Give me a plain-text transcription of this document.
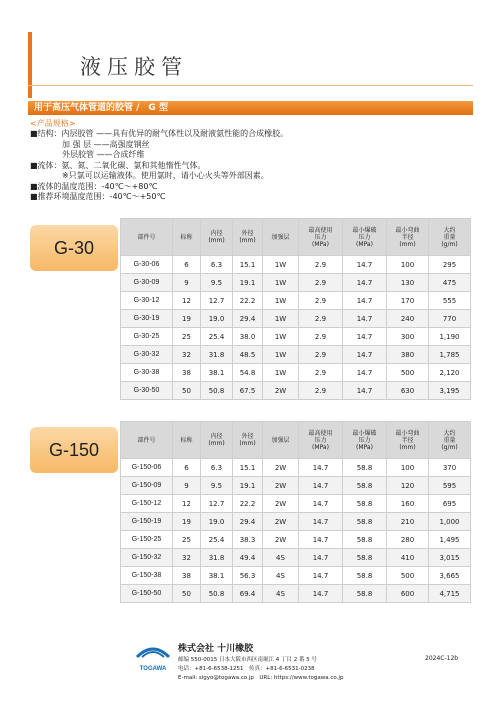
液压胶管
用于高压气体管道的胶管 /　G 型
<产品规格>
■结构：内层胶管 ——具有优异的耐气体性以及耐液氨性能的合成橡胶。
　　　　加 强 层 ——高强度钢丝
　　　　外层胶管 ——合成纤维
■流体：氨、氮、二氧化碳、氯和其他惰性气体。
　　　　※只氯可以运输液体。使用氯时，请小心火头等外部因素。
■流体的温度范围：-40℃～+80℃
■推荐环境温度范围：-40℃～+50℃
G-30
部件号	标称	内径
(mm)	外径
(mm)	加强层	最高使用
压力
(MPa)	最小爆破
压力
(MPa)	最小弯曲
半径
(mm)	大约
重量
(g/m)
G-30-06	6	6.3	15.1	1W	2.9	14.7	100	295
G-30-09	9	9.5	19.1	1W	2.9	14.7	130	475
G-30-12	12	12.7	22.2	1W	2.9	14.7	170	555
G-30-19	19	19.0	29.4	1W	2.9	14.7	240	770
G-30-25	25	25.4	38.0	1W	2.9	14.7	300	1,190
G-30-32	32	31.8	48.5	1W	2.9	14.7	380	1,785
G-30-38	38	38.1	54.8	1W	2.9	14.7	500	2,120
G-30-50	50	50.8	67.5	2W	2.9	14.7	630	3,195
G-150	部件号	标称	内径
(mm)	外径
(mm)	加强层	最高使用
压力
(MPa)	最小爆破
压力
(MPa)	最小弯曲
半径
(mm)	大约
重量
(g/m)
G-150-06	6	6.3	15.1	2W	14.7	58.8	100	370
G-150-09	9	9.5	19.1	2W	14.7	58.8	120	595
G-150-12	12	12.7	22.2	2W	14.7	58.8	160	695
G-150-19	19	19.0	29.4	2W	14.7	58.8	210	1,000
G-150-25	25	25.4	38.3	2W	14.7	58.8	280	1,495
G-150-32	32	31.8	49.4	4S	14.7	58.8	410	3,015
G-150-38	38	38.1	56.3	4S	14.7	58.8	500	3,665
G-150-50	50	50.8	69.4	4S	14.7	58.8	600	4,715
TOGAWA
株式会社 十川橡胶
邮编 550-0015 日本大阪市西区南堀江 4 丁目 2 番 5 号
电话：+81-6-6538-1251　传真：+81-6-6531-0238
E-mail: sigyo@togawa.co.jp　URL: https://www.togawa.co.jp
2024C-12b
